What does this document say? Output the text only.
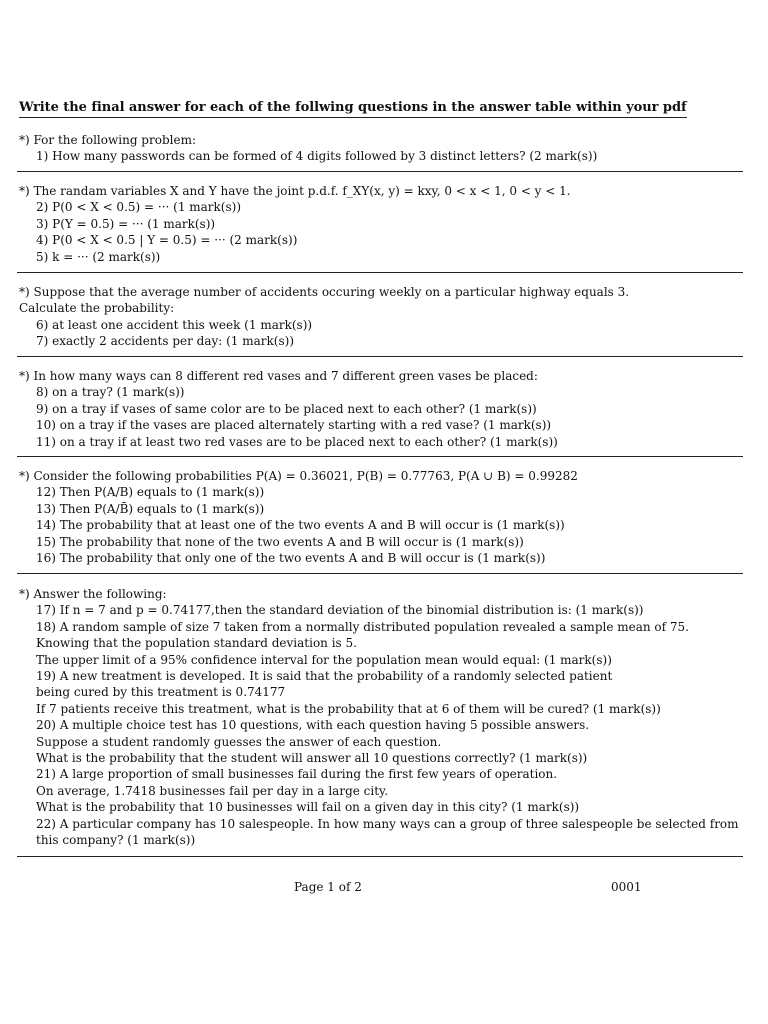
Write the final answer for each of the follwing questions in the answer table within your pdf
*) For the following problem:
1) How many passwords can be formed of 4 digits followed by 3 distinct letters? (2 mark(s))
*) The randam variables X and Y have the joint p.d.f. f_XY(x, y) = kxy, 0 < x < 1, 0 < y < 1.
2) P(0 < X < 0.5) = ··· (1 mark(s))
3) P(Y = 0.5) = ··· (1 mark(s))
4) P(0 < X < 0.5 | Y = 0.5) = ··· (2 mark(s))
5) k = ··· (2 mark(s))
*) Suppose that the average number of accidents occuring weekly on a particular highway equals 3.
Calculate the probability:
6) at least one accident this week (1 mark(s))
7) exactly 2 accidents per day: (1 mark(s))
*) In how many ways can 8 different red vases and 7 different green vases be placed:
8) on a tray? (1 mark(s))
9) on a tray if vases of same color are to be placed next to each other? (1 mark(s))
10) on a tray if the vases are placed alternately starting with a red vase? (1 mark(s))
11) on a tray if at least two red vases are to be placed next to each other? (1 mark(s))
*) Consider the following probabilities P(A) = 0.36021, P(B) = 0.77763, P(A ∪ B) = 0.99282
12) Then P(A/B) equals to (1 mark(s))
13) Then P(A/B̄) equals to (1 mark(s))
14) The probability that at least one of the two events A and B will occur is (1 mark(s))
15) The probability that none of the two events A and B will occur is (1 mark(s))
16) The probability that only one of the two events A and B will occur is (1 mark(s))
*) Answer the following:
17) If n = 7 and p = 0.74177,then the standard deviation of the binomial distribution is: (1 mark(s))
18) A random sample of size 7 taken from a normally distributed population revealed a sample mean of 75.
Knowing that the population standard deviation is 5.
The upper limit of a 95% confidence interval for the population mean would equal: (1 mark(s))
19) A new treatment is developed. It is said that the probability of a randomly selected patient
being cured by this treatment is 0.74177
If 7 patients receive this treatment, what is the probability that at 6 of them will be cured? (1 mark(s))
20) A multiple choice test has 10 questions, with each question having 5 possible answers.
Suppose a student randomly guesses the answer of each question.
What is the probability that the student will answer all 10 questions correctly? (1 mark(s))
21) A large proportion of small businesses fail during the first few years of operation.
On average, 1.7418 businesses fail per day in a large city.
What is the probability that 10 businesses will fail on a given day in this city? (1 mark(s))
22) A particular company has 10 salespeople. In how many ways can a group of three salespeople be selected from
this company? (1 mark(s))
Page 1 of 2	0001
